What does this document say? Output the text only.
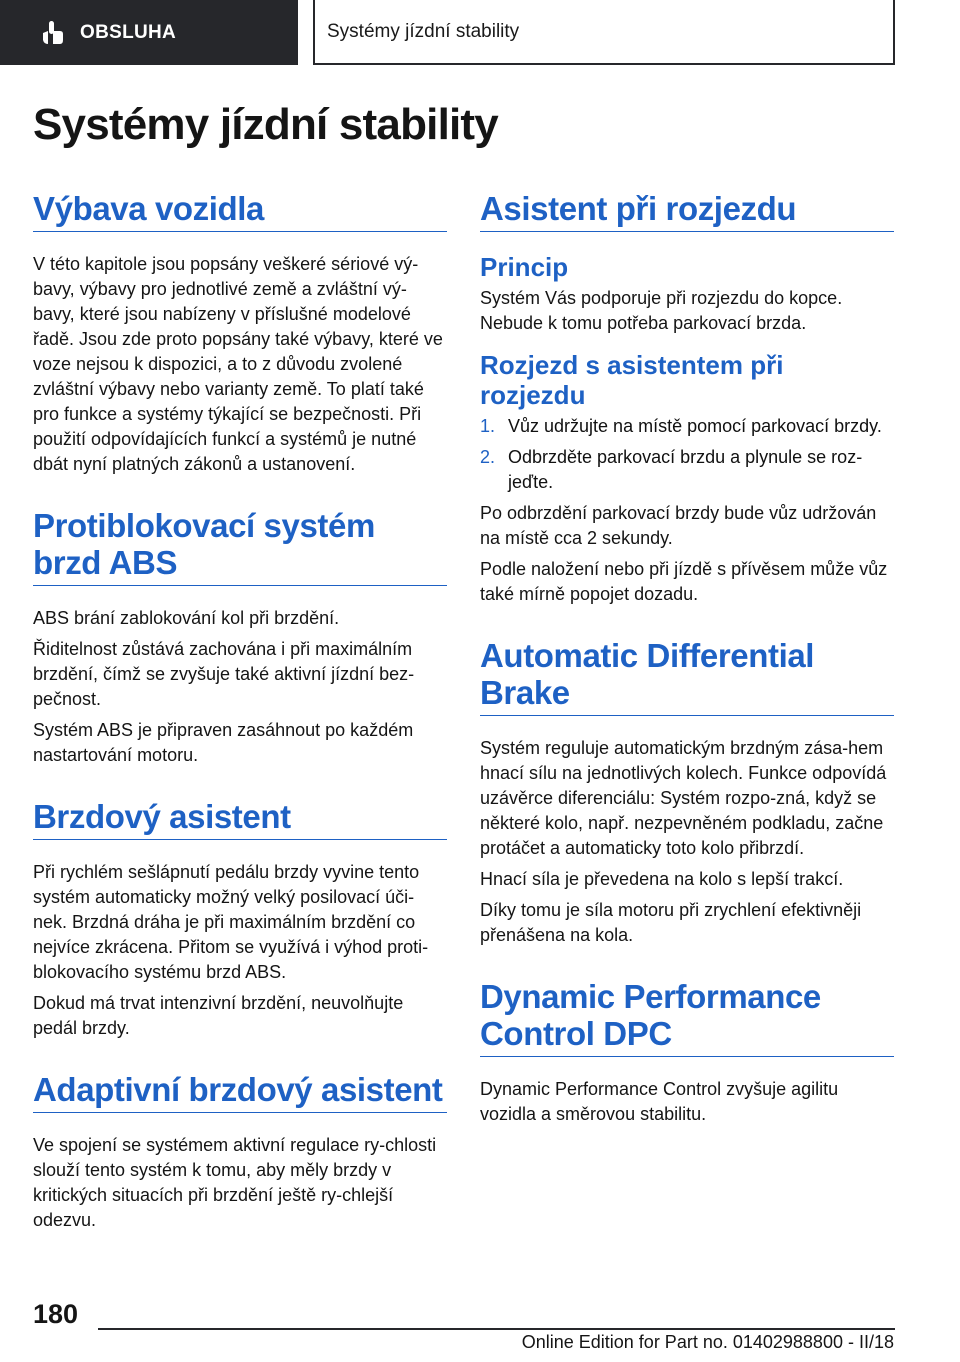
OBSLUHA	Systémy jízdní stability
Systémy jízdní stability
Výbava vozidla

V této kapitole jsou popsány veškeré sériové vý‐bavy, výbavy pro jednotlivé země a zvláštní vý‐bavy, které jsou nabízeny v příslušné modelové řadě. Jsou zde proto popsány také výbavy, které ve voze nejsou k dispozici, a to z důvodu zvolené zvláštní výbavy nebo varianty země. To platí také pro funkce a systémy týkající se bezpečnosti. Při použití odpovídajících funkcí a systémů je nutné dbát nyní platných zákonů a ustanovení.

Protiblokovací systém brzd ABS

ABS brání zablokování kol při brzdění.

Řiditelnost zůstává zachována i při maximálním brzdění, čímž se zvyšuje také aktivní jízdní bez‐pečnost.

Systém ABS je připraven zasáhnout po každém nastartování motoru.

Brzdový asistent

Při rychlém sešlápnutí pedálu brzdy vyvine tento systém automaticky možný velký posilovací úči‐nek. Brzdná dráha je při maximálním brzdění co nejvíce zkrácena. Přitom se využívá i výhod proti‐blokovacího systému brzd ABS.

Dokud má trvat intenzivní brzdění, neuvolňujte pedál brzdy.

Adaptivní brzdový asistent

Ve spojení se systémem aktivní regulace ry‐chlosti slouží tento systém k tomu, aby měly brzdy v kritických situacích při brzdění ještě ry‐chlejší odezvu.

Asistent při rozjezdu
Princip

Systém Vás podporuje při rozjezdu do kopce. Nebude k tomu potřeba parkovací brzda.

Rozjezd s asistentem při rozjezdu
1. Vůz udržujte na místě pomocí parkovací brzdy.
2. Odbrzděte parkovací brzdu a plynule se roz‐jeďte.

Po odbrzdění parkovací brzdy bude vůz udržován na místě cca 2 sekundy.

Podle naložení nebo při jízdě s přívěsem může vůz také mírně popojet dozadu.

Automatic Differential Brake

Systém reguluje automatickým brzdným zása‐hem hnací sílu na jednotlivých kolech. Funkce odpovídá uzávěrce diferenciálu: Systém rozpo‐zná, když se některé kolo, např. nezpevněném podkladu, začne protáčet a automaticky toto kolo přibrzdí.

Hnací síla je převedena na kolo s lepší trakcí.

Díky tomu je síla motoru při zrychlení efektivněji přenášena na kola.

Dynamic Performance Control DPC

Dynamic Performance Control zvyšuje agilitu vozidla a směrovou stabilitu.

180
Online Edition for Part no. 01402988800 - II/18
